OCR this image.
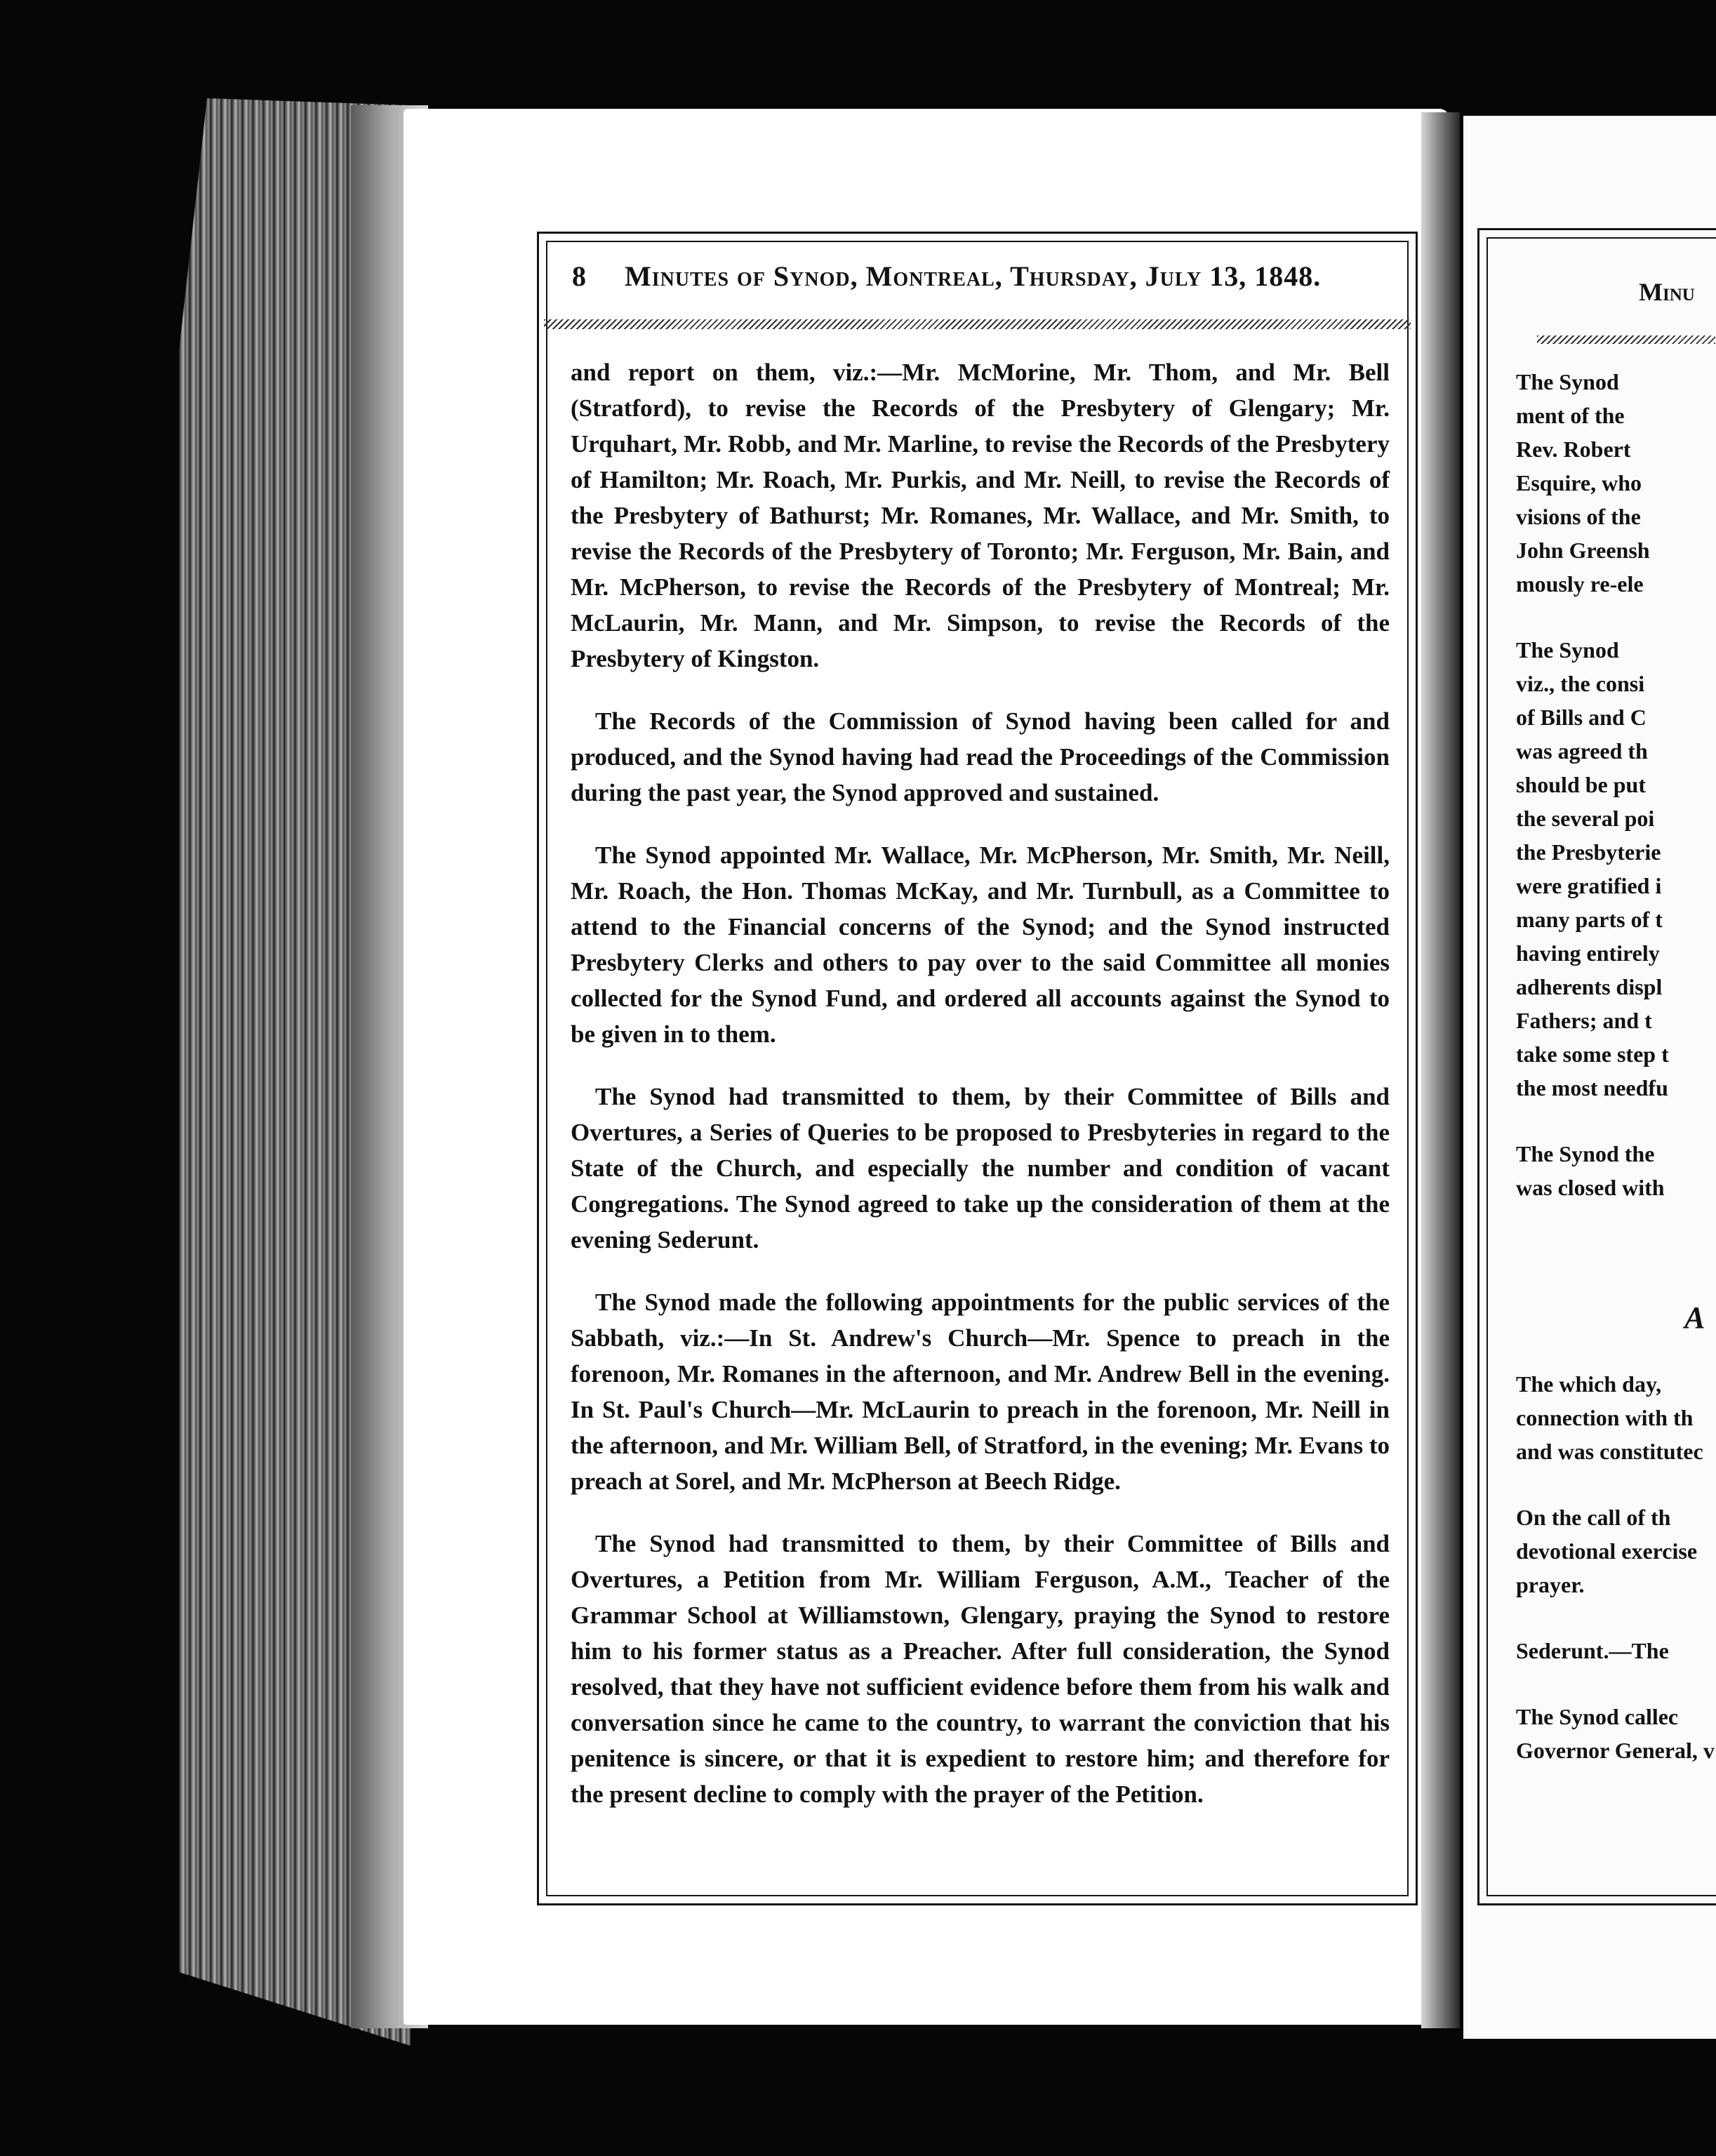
8	Minutes of Synod, Montreal, Thursday, July 13, 1848.

and report on them, viz.:—Mr. McMorine, Mr. Thom, and Mr. Bell (Stratford), to revise the Records of the Presbytery of Glengary; Mr. Urquhart, Mr. Robb, and Mr. Marline, to revise the Records of the Presbytery of Hamilton; Mr. Roach, Mr. Purkis, and Mr. Neill, to revise the Records of the Presbytery of Bathurst; Mr. Romanes, Mr. Wallace, and Mr. Smith, to revise the Records of the Presbytery of Toronto; Mr. Ferguson, Mr. Bain, and Mr. McPherson, to revise the Records of the Presbytery of Montreal; Mr. McLaurin, Mr. Mann, and Mr. Simpson, to revise the Records of the Presbytery of Kingston.

The Records of the Commission of Synod having been called for and produced, and the Synod having had read the Proceedings of the Commission during the past year, the Synod approved and sustained.

The Synod appointed Mr. Wallace, Mr. McPherson, Mr. Smith, Mr. Neill, Mr. Roach, the Hon. Thomas McKay, and Mr. Turnbull, as a Committee to attend to the Financial concerns of the Synod; and the Synod instructed Presbytery Clerks and others to pay over to the said Committee all monies collected for the Synod Fund, and ordered all accounts against the Synod to be given in to them.

The Synod had transmitted to them, by their Committee of Bills and Overtures, a Series of Queries to be proposed to Presbyteries in regard to the State of the Church, and especially the number and condition of vacant Congregations. The Synod agreed to take up the consideration of them at the evening Sederunt.

The Synod made the following appointments for the public services of the Sabbath, viz.:—In St. Andrew's Church—Mr. Spence to preach in the forenoon, Mr. Romanes in the afternoon, and Mr. Andrew Bell in the evening. In St. Paul's Church—Mr. McLaurin to preach in the forenoon, Mr. Neill in the afternoon, and Mr. William Bell, of Stratford, in the evening; Mr. Evans to preach at Sorel, and Mr. McPherson at Beech Ridge.

The Synod had transmitted to them, by their Committee of Bills and Overtures, a Petition from Mr. William Ferguson, A.M., Teacher of the Grammar School at Williamstown, Glengary, praying the Synod to restore him to his former status as a Preacher. After full consideration, the Synod resolved, that they have not sufficient evidence before them from his walk and conversation since he came to the country, to warrant the conviction that his penitence is sincere, or that it is expedient to restore him; and therefore for the present decline to comply with the prayer of the Petition.

Minu
The Synod
ment of the
Rev. Robert
Esquire, who
visions of the
John Greensh
mously re-ele
The Synod
viz., the consi
of Bills and C
was agreed th
should be put
the several poi
the Presbyterie
were gratified i
many parts of t
having entirely
adherents displ
Fathers; and t
take some step t
the most needfu
The Synod the
was closed with
A
The which day,
connection with th
and was constitutec
On the call of th
devotional exercise
prayer.
Sederunt.—The
The Synod callec
Governor General, v
